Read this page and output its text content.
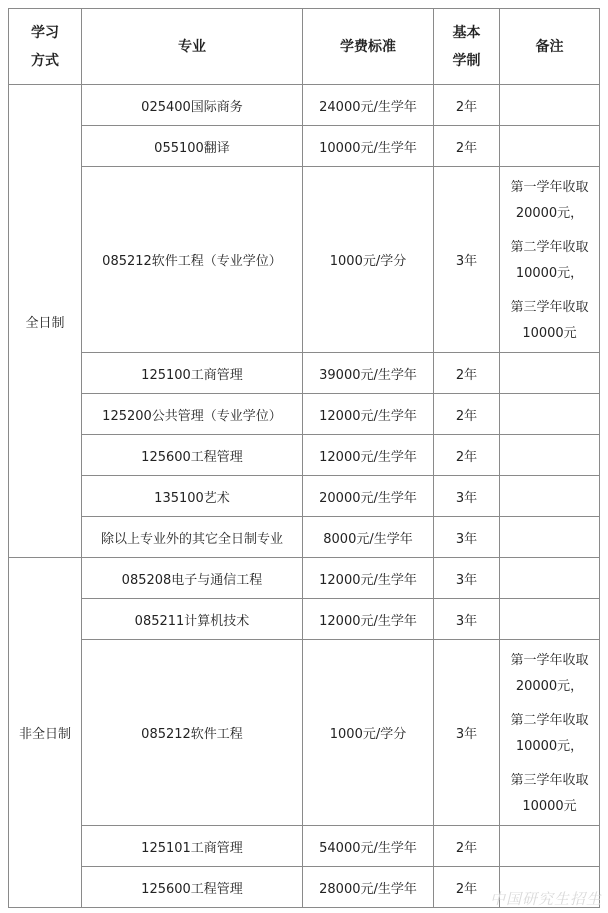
学习方式	专业	学费标准	基本学制	备注
全日制	025400国际商务	24000元/生学年	2年	
	055100翻译	10000元/生学年	2年	
	085212软件工程（专业学位）	1000元/学分	3年	第一学年收取20000元，
第二学年收取10000元，
第三学年收取10000元

	125100工商管理	39000元/生学年	2年	
	125200公共管理（专业学位）	12000元/生学年	2年	
	125600工程管理	12000元/生学年	2年	
	135100艺术	20000元/生学年	3年	
	除以上专业外的其它全日制专业	8000元/生学年	3年	
非全日制	085208电子与通信工程	12000元/生学年	3年	
	085211计算机技术	12000元/生学年	3年	
	085212软件工程	1000元/学分	3年	第一学年收取20000元，
第二学年收取10000元，
第三学年收取10000元

	125101工商管理	54000元/生学年	2年	
	125600工程管理	28000元/生学年	2年	
中国研究生招生
